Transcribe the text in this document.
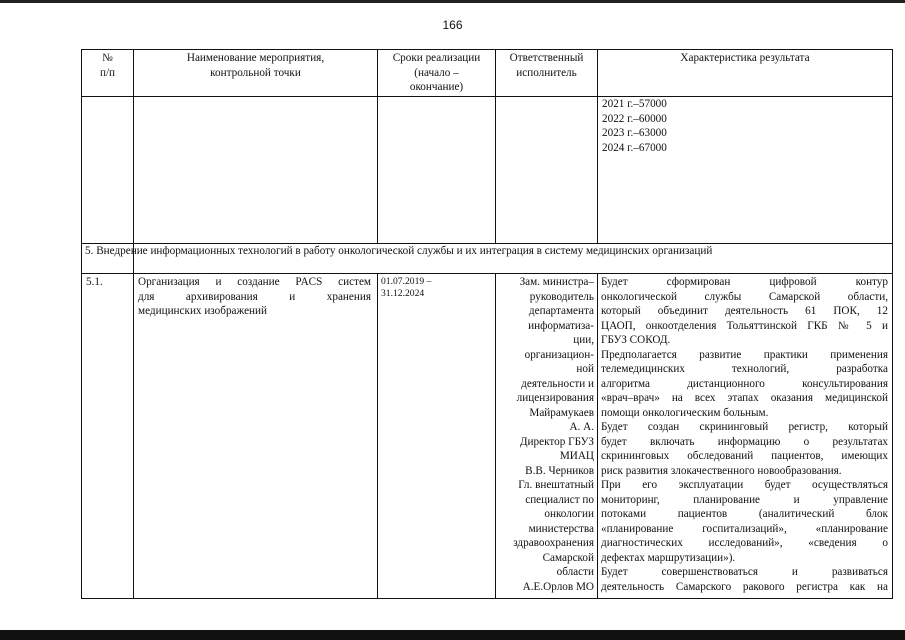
166
№
п/п
Наименование мероприятия,
контрольной точки
Сроки реализации
(начало –
окончание)
Ответственный
исполнитель
Характеристика результата
2021 г.–57000
2022 г.–60000
2023 г.–63000
2024 г.–67000
5. Внедрение информационных технологий в работу онкологической службы и их интеграция в систему медицинских организаций
5.1.	Организация и создание PACS систем
для архивирования и хранения
медицинских изображений
01.07.2019 –
31.12.2024
Зам. министра–
руководитель
департамента
информатиза-
ции,
организацион-
ной
деятельности и
лицензирования
Майрамукаев
А. А.
Директор ГБУЗ
МИАЦ
В.В. Черников
Гл. внештатный
специалист по
онкологии
министерства
здравоохранения
Самарской
области
А.Е.Орлов МО
Будет сформирован цифровой контур
онкологической службы Самарской области,
который объединит деятельность 61 ПОК, 12
ЦАОП, онкоотделения Тольяттинской ГКБ № 5 и
ГБУЗ СОКОД.
Предполагается развитие практики применения
телемедицинских технологий, разработка
алгоритма дистанционного консультирования
«врач–врач» на всех этапах оказания медицинской
помощи онкологическим больным.
Будет создан скрининговый регистр, который
будет включать информацию о результатах
скрининговых обследований пациентов, имеющих
риск развития злокачественного новообразования.
При его эксплуатации будет осуществляться
мониторинг, планирование и управление
потоками пациентов (аналитический блок
«планирование госпитализаций», «планирование
диагностических исследований», «сведения о
дефектах маршрутизации»).
Будет совершенствоваться и развиваться
деятельность Самарского ракового регистра как на
